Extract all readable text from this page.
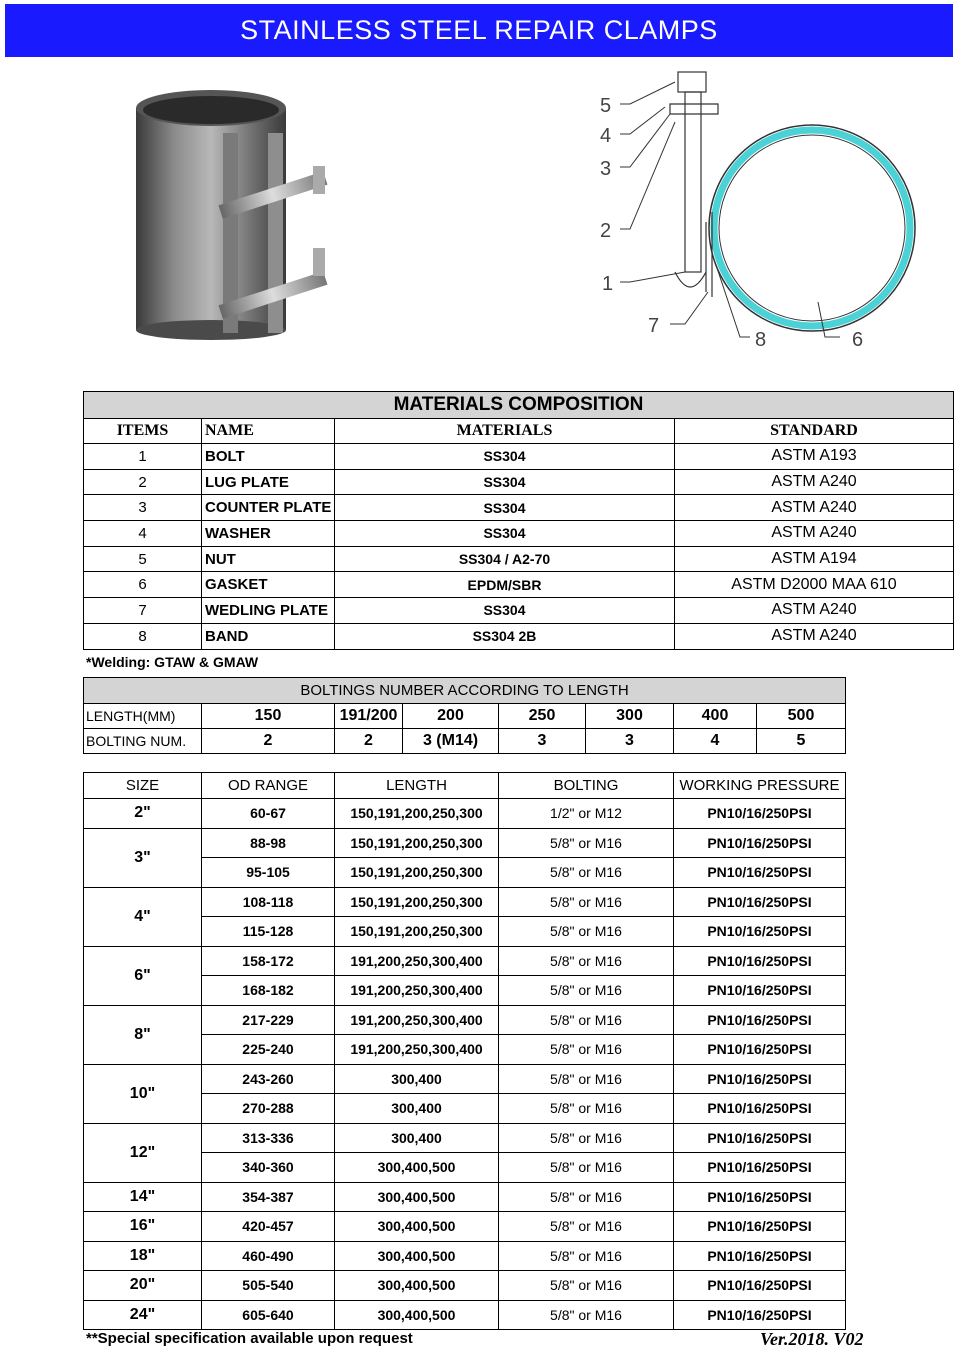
STAINLESS STEEL REPAIR CLAMPS
1
2
3
4
5
6
7
8
MATERIALS COMPOSITION			
ITEMS	NAME	MATERIALS	STANDARD
1	BOLT	SS304	ASTM A193
2	LUG PLATE	SS304	ASTM A240
3	COUNTER PLATE	SS304	ASTM A240
4	WASHER	SS304	ASTM A240
5	NUT	SS304 / A2-70	ASTM A194
6	GASKET	EPDM/SBR	ASTM D2000 MAA 610
7	WEDLING PLATE	SS304	ASTM A240
8	BAND	SS304 2B	ASTM A240
*Welding: GTAW & GMAW
BOLTINGS NUMBER ACCORDING TO LENGTH							
LENGTH(MM)	150	191/200	200	250	300	400	500
BOLTING NUM.	2	2	3 (M14)	3	3	4	5
SIZE	OD RANGE	LENGTH	BOLTING	WORKING PRESSURE
2"	60-67	150,191,200,250,300	1/2" or M12	PN10/16/250PSI
3"	88-98	150,191,200,250,300	5/8" or M16	PN10/16/250PSI
	95-105	150,191,200,250,300	5/8" or M16	PN10/16/250PSI
4"	108-118	150,191,200,250,300	5/8" or M16	PN10/16/250PSI
	115-128	150,191,200,250,300	5/8" or M16	PN10/16/250PSI
6"	158-172	191,200,250,300,400	5/8" or M16	PN10/16/250PSI
	168-182	191,200,250,300,400	5/8" or M16	PN10/16/250PSI
8"	217-229	191,200,250,300,400	5/8" or M16	PN10/16/250PSI
	225-240	191,200,250,300,400	5/8" or M16	PN10/16/250PSI
10"	243-260	300,400	5/8" or M16	PN10/16/250PSI
	270-288	300,400	5/8" or M16	PN10/16/250PSI
12"	313-336	300,400	5/8" or M16	PN10/16/250PSI
	340-360	300,400,500	5/8" or M16	PN10/16/250PSI
14"	354-387	300,400,500	5/8" or M16	PN10/16/250PSI
16"	420-457	300,400,500	5/8" or M16	PN10/16/250PSI
18"	460-490	300,400,500	5/8" or M16	PN10/16/250PSI
20"	505-540	300,400,500	5/8" or M16	PN10/16/250PSI
24"	605-640	300,400,500	5/8" or M16	PN10/16/250PSI
**Special specification available upon request	Ver.2018. V02
